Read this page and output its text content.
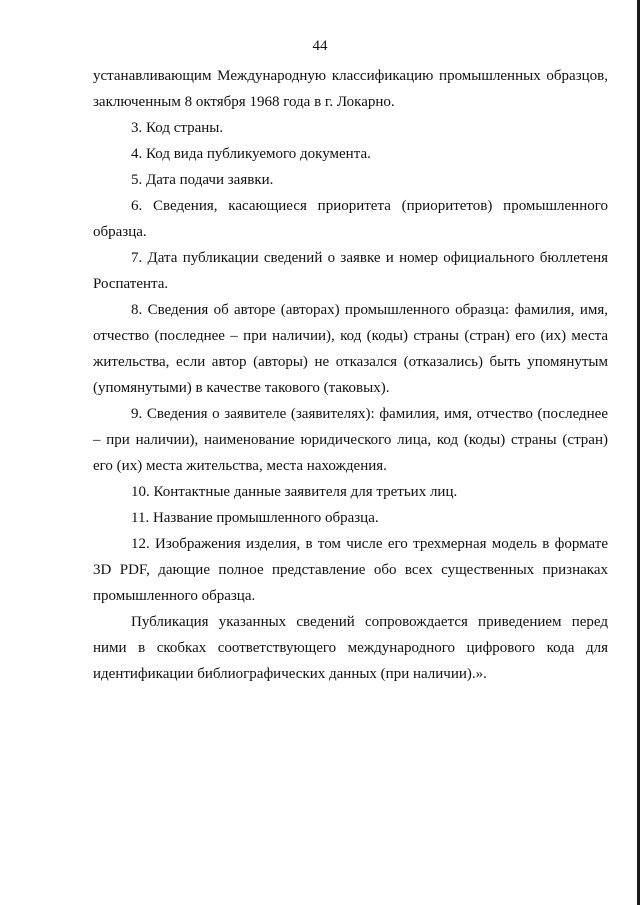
44

устанавливающим Международную классификацию промышленных образцов, заключенным 8 октября 1968 года в г. Локарно.

3. Код страны.

4. Код вида публикуемого документа.

5. Дата подачи заявки.

6. Сведения, касающиеся приоритета (приоритетов) промышленного образца.

7. Дата публикации сведений о заявке и номер официального бюллетеня Роспатента.

8. Сведения об авторе (авторах) промышленного образца: фамилия, имя, отчество (последнее – при наличии), код (коды) страны (стран) его (их) места жительства, если автор (авторы) не отказался (отказались) быть упомянутым (упомянутыми) в качестве такового (таковых).

9. Сведения о заявителе (заявителях): фамилия, имя, отчество (последнее – при наличии), наименование юридического лица, код (коды) страны (стран) его (их) места жительства, места нахождения.

10. Контактные данные заявителя для третьих лиц.

11. Название промышленного образца.

12. Изображения изделия, в том числе его трехмерная модель в формате 3D PDF, дающие полное представление обо всех существенных признаках промышленного образца.

Публикация указанных сведений сопровождается приведением перед ними в скобках соответствующего международного цифрового кода для идентификации библиографических данных (при наличии).».
